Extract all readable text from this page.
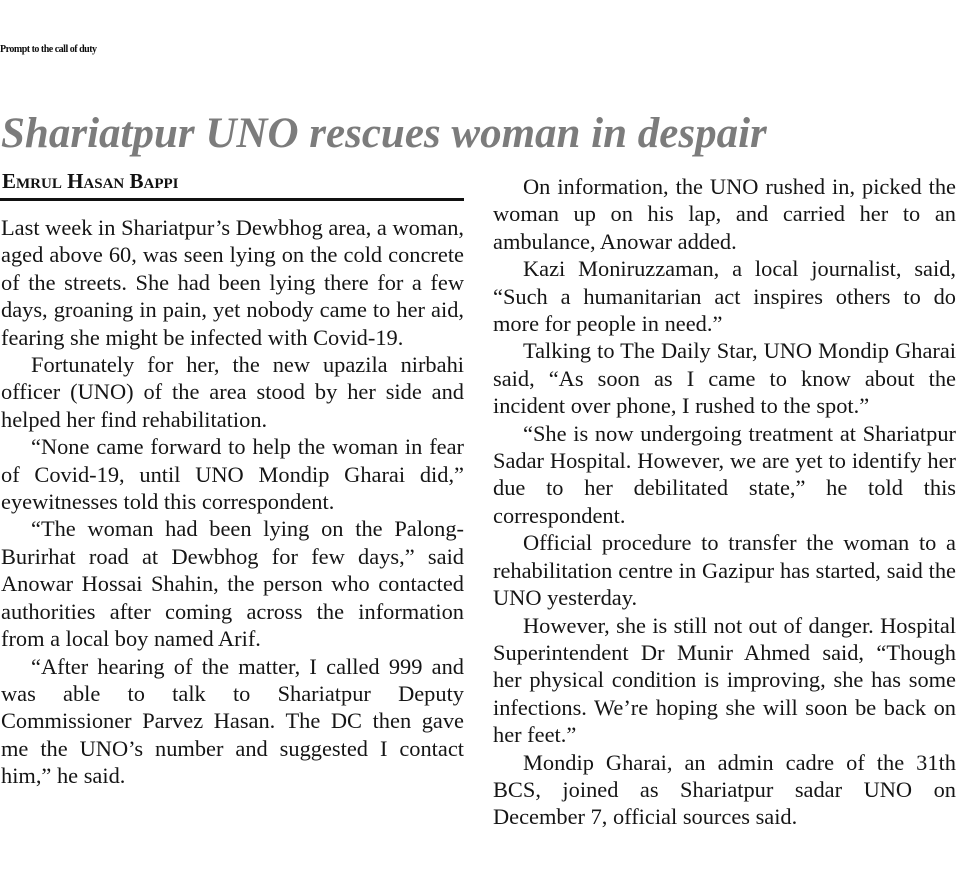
Prompt to the call of duty
Shariatpur UNO rescues woman in despair
Emrul Hasan Bappi

Last week in Shariatpur’s Dewbhog area, a woman, aged above 60, was seen lying on the cold concrete of the streets. She had been lying there for a few days, groaning in pain, yet nobody came to her aid, fearing she might be infected with Covid-19.

Fortunately for her, the new upazila nirbahi officer (UNO) of the area stood by her side and helped her find rehabilitation.

“None came forward to help the woman in fear of Covid-19, until UNO Mondip Gharai did,” eyewitnesses told this correspondent.

“The woman had been lying on the Palong-Burirhat road at Dewbhog for few days,” said Anowar Hossai Shahin, the person who contacted authorities after coming across the information from a local boy named Arif.

“After hearing of the matter, I called 999 and was able to talk to Shariatpur Deputy Commissioner Parvez Hasan. The DC then gave me the UNO’s number and suggested I contact him,” he said.

On information, the UNO rushed in, picked the woman up on his lap, and carried her to an ambulance, Anowar added.

Kazi Moniruzzaman, a local journalist, said, “Such a humanitarian act inspires others to do more for people in need.”

Talking to The Daily Star, UNO Mondip Gharai said, “As soon as I came to know about the incident over phone, I rushed to the spot.”

“She is now undergoing treatment at Shariatpur Sadar Hospital. However, we are yet to identify her due to her debilitated state,” he told this correspondent.

Official procedure to transfer the woman to a rehabilitation centre in Gazipur has started, said the UNO yesterday.

However, she is still not out of danger. Hospital Superintendent Dr Munir Ahmed said, “Though her physical condition is improving, she has some infections. We’re hoping she will soon be back on her feet.”

Mondip Gharai, an admin cadre of the 31th BCS, joined as Shariatpur sadar UNO on December 7, official sources said.
